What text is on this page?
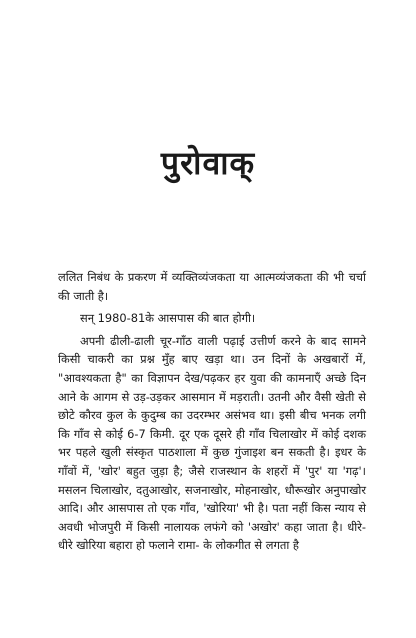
पुरोवाक्

ललित निबंध के प्रकरण में व्यक्तिव्यंजकता या आत्मव्यंजकता की भी चर्चा की जाती है।

सन् 1980-81के आसपास की बात होगी।

अपनी ढीली-ढाली चूर-गाँठ वाली पढ़ाई उत्तीर्ण करने के बाद सामने किसी चाकरी का प्रश्न मुँह बाए खड़ा था। उन दिनों के अखबारों में, "आवश्यकता है" का विज्ञापन देख/पढ़कर हर युवा की कामनाएँ अच्छे दिन आने के आगम से उड़-उड़कर आसमान में मड़राती। उतनी और वैसी खेती से छोटे कौरव कुल के कुदुम्ब का उदरम्भर असंभव था। इसी बीच भनक लगी कि गाँव से कोई 6-7 किमी. दूर एक दूसरे ही गाँव चिलाखोर में कोई दशक भर पहले खुली संस्कृत पाठशाला में कुछ गुंजाइश बन सकती है। इधर के गाँवों में, 'खोर' बहुत जुड़ा है; जैसे राजस्थान के शहरों में 'पुर' या 'गढ़'। मसलन चिलाखोर, दतुआखोर, सजनाखोर, मोहनाखोर, धौरूखोर अनुपाखोर आदि। और आसपास तो एक गाँव, 'खोरिया' भी है। पता नहीं किस न्याय से अवधी भोजपुरी में किसी नालायक लफंगे को 'अखोर' कहा जाता है। धीरे-धीरे खोरिया बहारा हो फलाने रामा- के लोकगीत से लगता है
